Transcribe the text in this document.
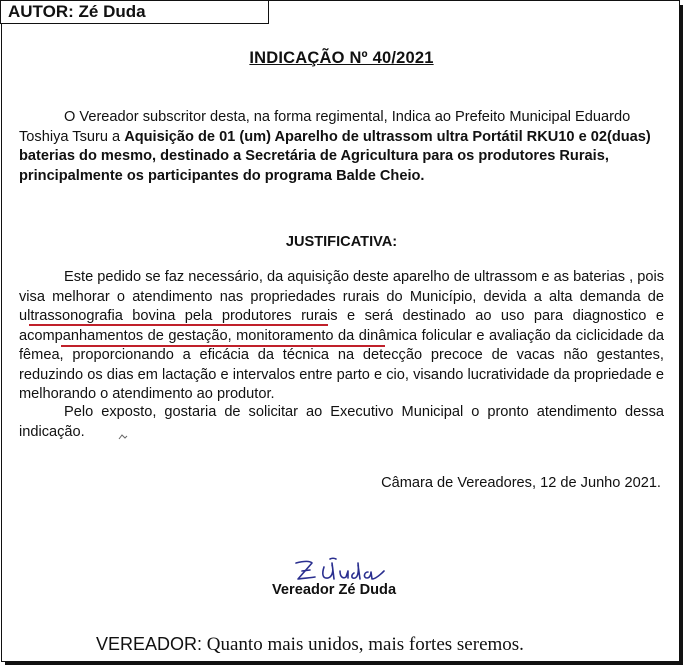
AUTOR: Zé Duda
INDICAÇÃO Nº 40/2021
O Vereador subscritor desta, na forma regimental, Indica ao Prefeito Municipal Eduardo Toshiya Tsuru a Aquisição de 01 (um) Aparelho de ultrassom ultra Portátil RKU10 e 02(duas) baterias do mesmo, destinado a Secretária de Agricultura para os produtores Rurais, principalmente os participantes do programa Balde Cheio.
JUSTIFICATIVA:
Este pedido se faz necessário, da aquisição deste aparelho de ultrassom e as baterias , pois visa melhorar o atendimento nas propriedades rurais do Município, devida a alta demanda de ultrassonografia bovina pela produtores rurais e será destinado ao uso para diagnostico e acompanhamentos de gestação, monitoramento da dinâmica folicular e avaliação da ciclicidade da fêmea, proporcionando a eficácia da técnica na detecção precoce de vacas não gestantes, reduzindo os dias em lactação e intervalos entre parto e cio, visando lucratividade da propriedade e melhorando o atendimento ao produtor.
Pelo exposto, gostaria de solicitar ao Executivo Municipal o pronto atendimento dessa indicação.
Câmara de Vereadores, 12 de Junho 2021.
Vereador Zé Duda
VEREADOR: Quanto mais unidos, mais fortes seremos.
